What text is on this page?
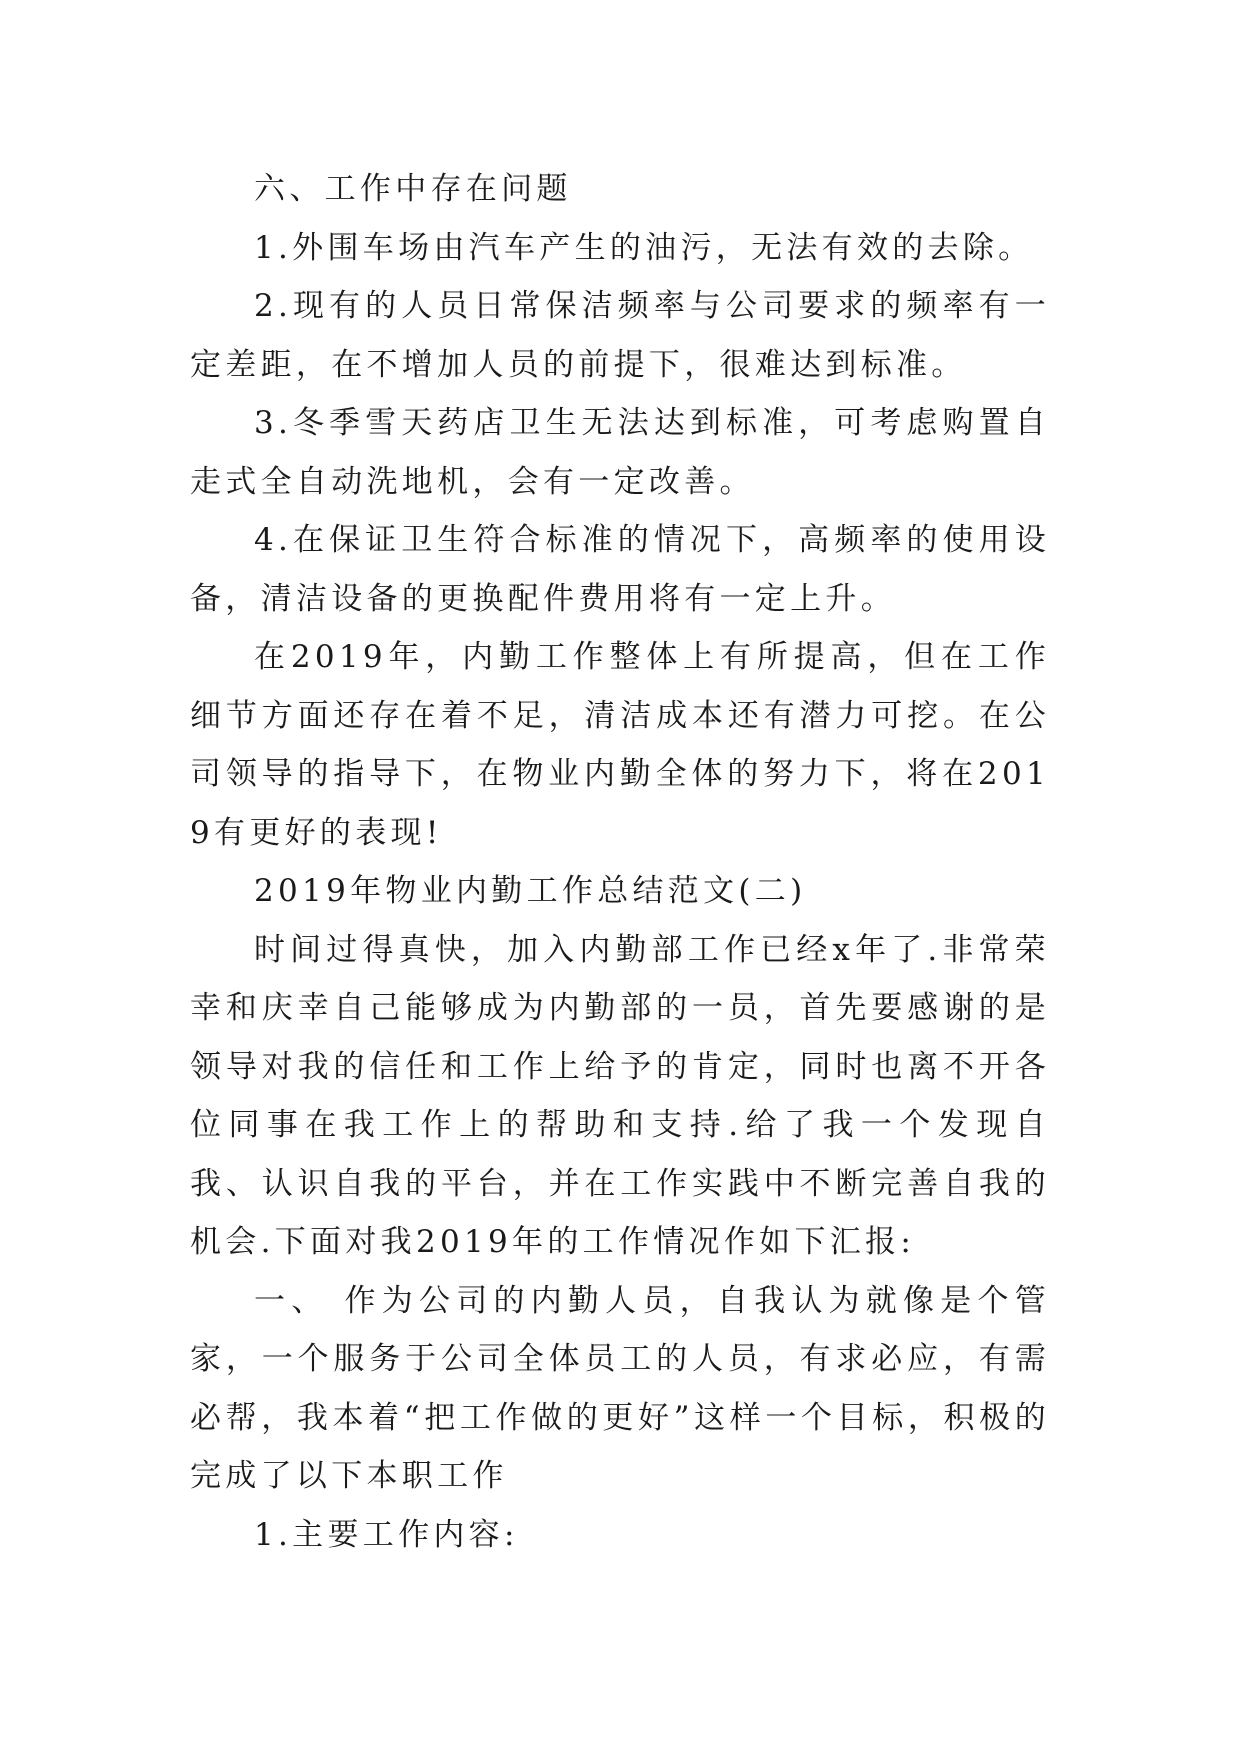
六、工作中存在问题

1.外围车场由汽车产生的油污，无法有效的去除。

2.现有的人员日常保洁频率与公司要求的频率有一定差距，在不增加人员的前提下，很难达到标准。

3.冬季雪天药店卫生无法达到标准，可考虑购置自走式全自动洗地机，会有一定改善。

4.在保证卫生符合标准的情况下，高频率的使用设备，清洁设备的更换配件费用将有一定上升。

在2019年，内勤工作整体上有所提高，但在工作细节方面还存在着不足，清洁成本还有潜力可挖。在公司领导的指导下，在物业内勤全体的努力下，将在2019有更好的表现!

2019年物业内勤工作总结范文(二)

时间过得真快，加入内勤部工作已经x年了.非常荣幸和庆幸自己能够成为内勤部的一员，首先要感谢的是领导对我的信任和工作上给予的肯定，同时也离不开各位同事在我工作上的帮助和支持.给了我一个发现自我、认识自我的平台，并在工作实践中不断完善自我的机会.下面对我2019年的工作情况作如下汇报:

一、 作为公司的内勤人员，自我认为就像是个管家，一个服务于公司全体员工的人员，有求必应，有需必帮，我本着“把工作做的更好”这样一个目标，积极的完成了以下本职工作

1.主要工作内容:
